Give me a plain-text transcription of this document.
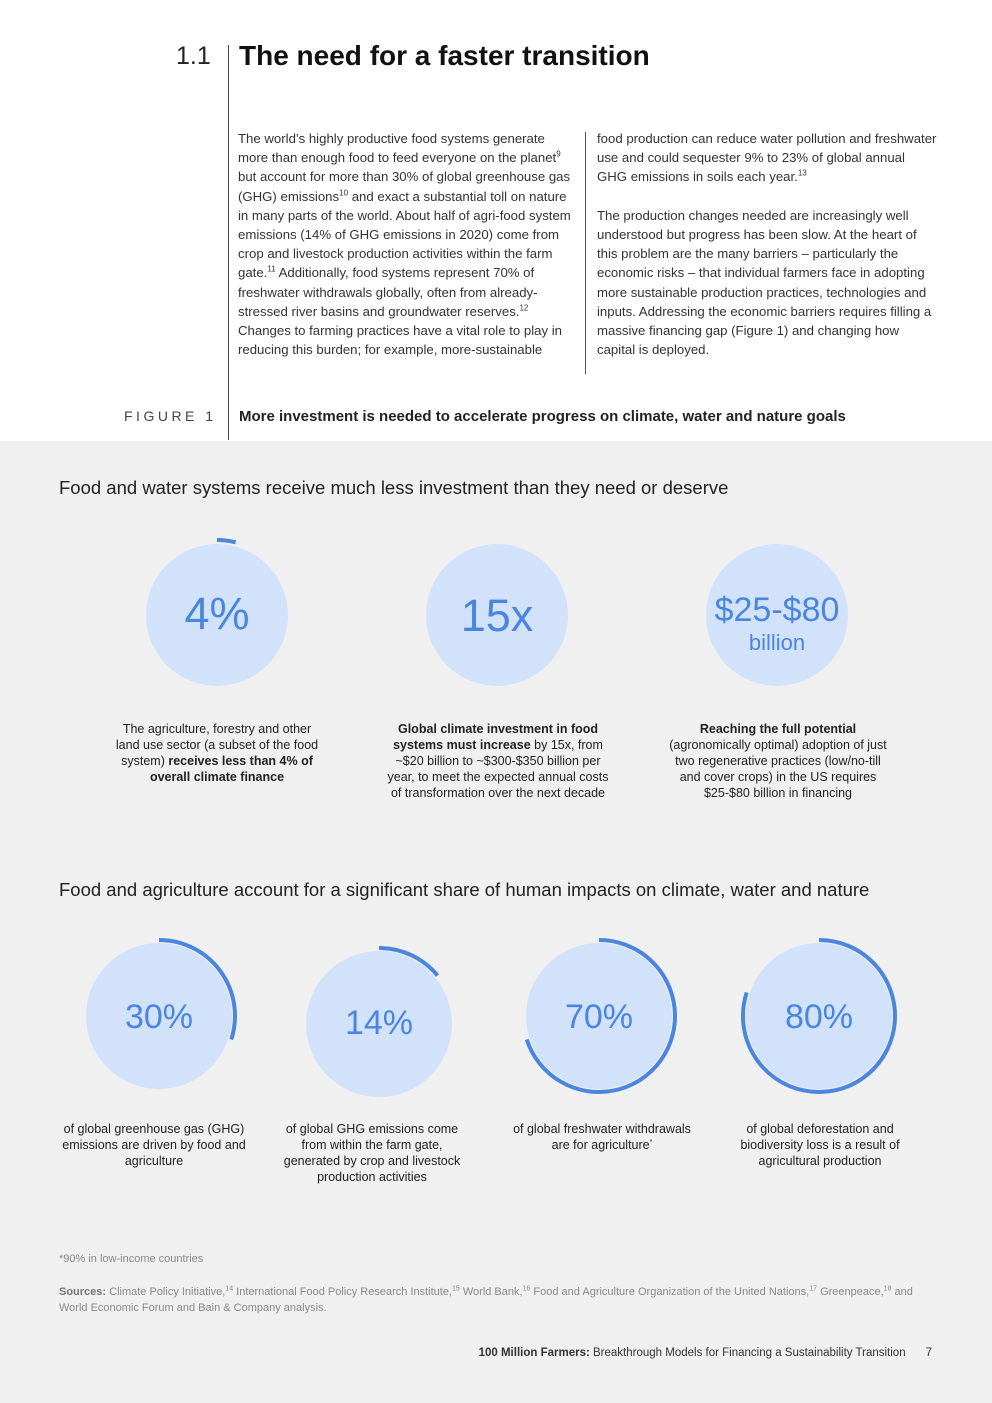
1.1 The need for a faster transition

The world’s highly productive food systems generate more than enough food to feed everyone on the planet$^9$ but account for more than 30% of global greenhouse gas (GHG) emissions$^{10}$ and exact a substantial toll on nature in many parts of the world. About half of agri-food system emissions (14% of GHG emissions in 2020) come from crop and livestock production activities within the farm gate.$^{11}$ Additionally, food systems represent 70% of freshwater withdrawals globally, often from already-stressed river basins and groundwater reserves.$^{12}$ Changes to farming practices have a vital role to play in reducing this burden; for example, more-sustainable

food production can reduce water pollution and freshwater use and could sequester 9% to 23% of global annual GHG emissions in soils each year.$^{13}$

The production changes needed are increasingly well understood but progress has been slow. At the heart of this problem are the many barriers – particularly the economic risks – that individual farmers face in adopting more sustainable production practices, technologies and inputs. Addressing the economic barriers requires filling a massive financing gap (Figure 1) and changing how capital is deployed.

FIGURE 1 More investment is needed to accelerate progress on climate, water and nature goals
Food and water systems receive much less investment than they need or deserve
4%	15x	$25-$80
billion
The agriculture, forestry and other land use sector (a subset of the food system) receives less than 4% of overall climate finance
Global climate investment in food systems must increase by 15x, from ~$20 billion to ~$300-$350 billion per year, to meet the expected annual costs of transformation over the next decade
Reaching the full potential (agronomically optimal) adoption of just two regenerative practices (low/no-till and cover crops) in the US requires $25-$80 billion in financing
Food and agriculture account for a significant share of human impacts on climate, water and nature
30%	14%	70%	80%
of global greenhouse gas (GHG) emissions are driven by food and agriculture
of global GHG emissions come from within the farm gate, generated by crop and livestock production activities
of global freshwater withdrawals are for agriculture*
of global deforestation and biodiversity loss is a result of agricultural production
*90% in low-income countries
Sources: Climate Policy Initiative,$^{14}$ International Food Policy Research Institute,$^{15}$ World Bank,$^{16}$ Food and Agriculture Organization of the United Nations,$^{17}$ Greenpeace,$^{18}$ and World Economic Forum and Bain & Company analysis.
100 Million Farmers: Breakthrough Models for Financing a Sustainability Transition 7
